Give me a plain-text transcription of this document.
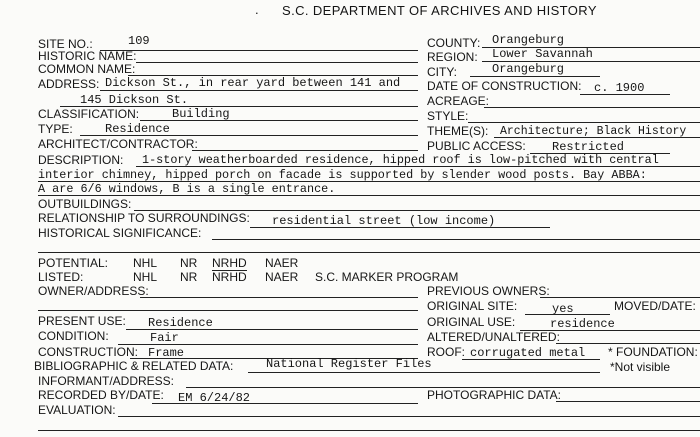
. S.C. DEPARTMENT OF ARCHIVES AND HISTORY
SITE NO.:	109
HISTORIC NAME:
COMMON NAME:
ADDRESS: Dickson St., in rear yard between 141 and
145 Dickson St.
CLASSIFICATION:	Building
TYPE:	Residence
ARCHITECT/CONTRACTOR:
COUNTY: Orangeburg
REGION: Lower Savannah
CITY:	Orangeburg
DATE OF CONSTRUCTION: c. 1900
ACREAGE:
STYLE:
THEME(S): Architecture; Black History
PUBLIC ACCESS: Restricted
DESCRIPTION: 1-story weatherboarded residence, hipped roof is low-pitched with central
interior chimney, hipped porch on facade is supported by slender wood posts. Bay ABBA:
A are 6/6 windows, B is a single entrance.
OUTBUILDINGS:
RELATIONSHIP TO SURROUNDINGS: residential street (low income)
HISTORICAL SIGNIFICANCE:
POTENTIAL: NHL NR NRHD NAER
LISTED:	NHL NR NRHD NAER S.C. MARKER PROGRAM
OWNER/ADDRESS:	PREVIOUS OWNERS:
ORIGINAL SITE:	yes	MOVED/DATE:
PRESENT USE: Residence	ORIGINAL USE:	residence
CONDITION:	Fair	ALTERED/UNALTERED:
CONSTRUCTION: Frame	ROOF: corrugated metal * FOUNDATION:
*Not visible
BIBLIOGRAPHIC & RELATED DATA:	National Register Files
INFORMANT/ADDRESS:
RECORDED BY/DATE: EM 6/24/82	PHOTOGRAPHIC DATA:
EVALUATION:
